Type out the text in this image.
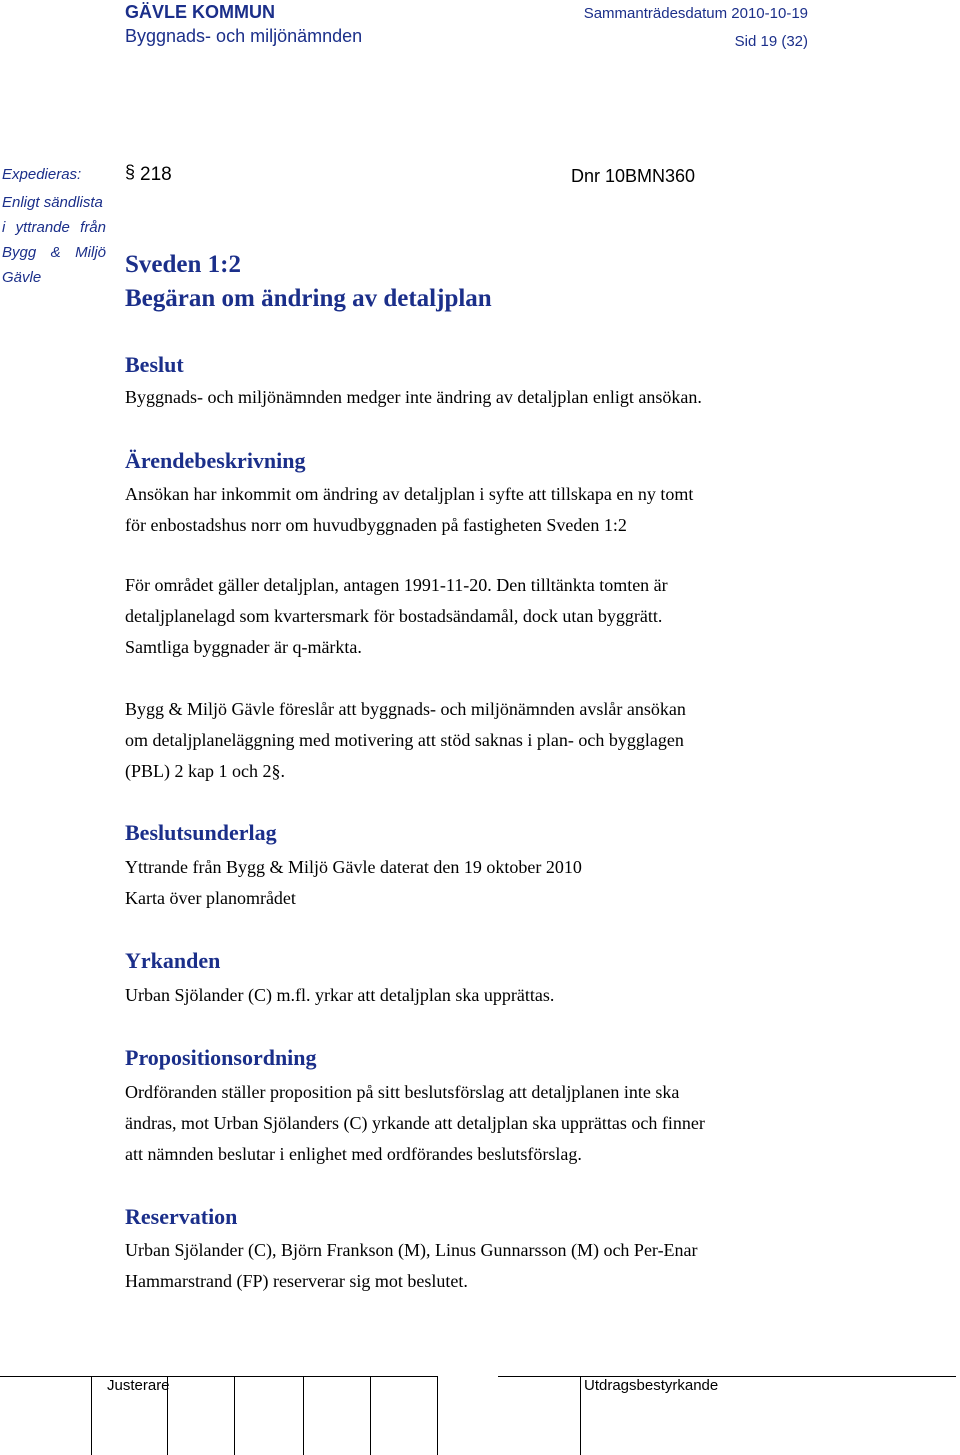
GÄVLE KOMMUN
Byggnads- och miljönämnden
Sammanträdesdatum 2010-10-19
Sid 19 (32)
Expedieras:
Enligt sändlista
i yttrande från
Bygg & Miljö
Gävle
§ 218	Dnr 10BMN360
Sveden 1:2
Begäran om ändring av detaljplan
Beslut
Byggnads- och miljönämnden medger inte ändring av detaljplan enligt ansökan.
Ärendebeskrivning
Ansökan har inkommit om ändring av detaljplan i syfte att tillskapa en ny tomt
för enbostadshus norr om huvudbyggnaden på fastigheten Sveden 1:2
För området gäller detaljplan, antagen 1991-11-20. Den tilltänkta tomten är
detaljplanelagd som kvartersmark för bostadsändamål, dock utan byggrätt.
Samtliga byggnader är q-märkta.
Bygg & Miljö Gävle föreslår att byggnads- och miljönämnden avslår ansökan
om detaljplaneläggning med motivering att stöd saknas i plan- och bygglagen
(PBL) 2 kap 1 och 2§.
Beslutsunderlag
Yttrande från Bygg & Miljö Gävle daterat den 19 oktober 2010
Karta över planområdet
Yrkanden
Urban Sjölander (C) m.fl. yrkar att detaljplan ska upprättas.
Propositionsordning
Ordföranden ställer proposition på sitt beslutsförslag att detaljplanen inte ska
ändras, mot Urban Sjölanders (C) yrkande att detaljplan ska upprättas och finner
att nämnden beslutar i enlighet med ordförandes beslutsförslag.
Reservation
Urban Sjölander (C), Björn Frankson (M), Linus Gunnarsson (M) och Per-Enar
Hammarstrand (FP) reserverar sig mot beslutet.
Justerare	Utdragsbestyrkande
